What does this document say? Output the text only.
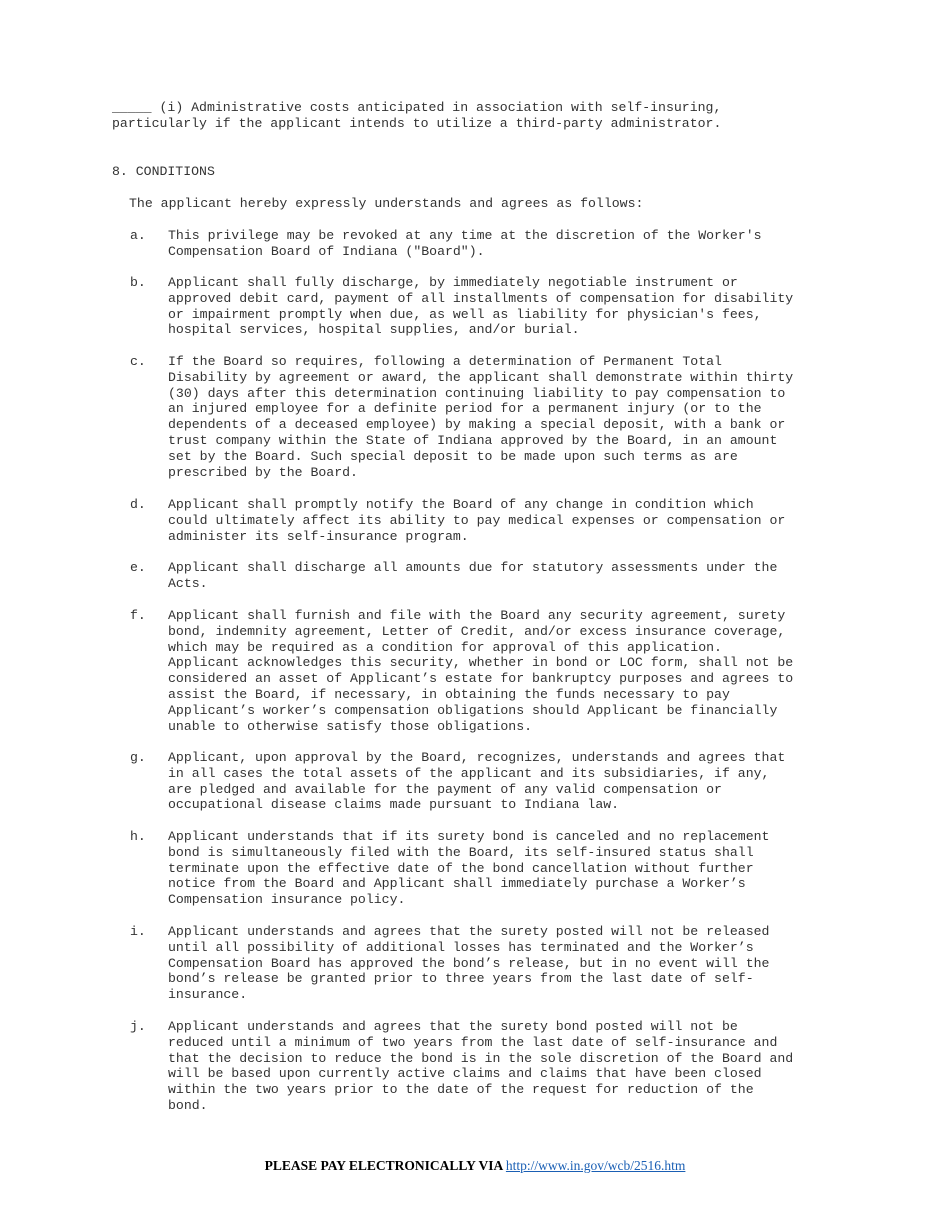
_____ (i) Administrative costs anticipated in association with self-insuring,
particularly if the applicant intends to utilize a third-party administrator.
8. CONDITIONS
The applicant hereby expressly understands and agrees as follows:
a. This privilege may be revoked at any time at the discretion of the Worker's
Compensation Board of Indiana ("Board").
b. Applicant shall fully discharge, by immediately negotiable instrument or
approved debit card, payment of all installments of compensation for disability
or impairment promptly when due, as well as liability for physician's fees,
hospital services, hospital supplies, and/or burial.
c. If the Board so requires, following a determination of Permanent Total
Disability by agreement or award, the applicant shall demonstrate within thirty
(30) days after this determination continuing liability to pay compensation to
an injured employee for a definite period for a permanent injury (or to the
dependents of a deceased employee) by making a special deposit, with a bank or
trust company within the State of Indiana approved by the Board, in an amount
set by the Board. Such special deposit to be made upon such terms as are
prescribed by the Board.
d. Applicant shall promptly notify the Board of any change in condition which
could ultimately affect its ability to pay medical expenses or compensation or
administer its self-insurance program.
e. Applicant shall discharge all amounts due for statutory assessments under the
Acts.
f. Applicant shall furnish and file with the Board any security agreement, surety
bond, indemnity agreement, Letter of Credit, and/or excess insurance coverage,
which may be required as a condition for approval of this application.
Applicant acknowledges this security, whether in bond or LOC form, shall not be
considered an asset of Applicant’s estate for bankruptcy purposes and agrees to
assist the Board, if necessary, in obtaining the funds necessary to pay
Applicant’s worker’s compensation obligations should Applicant be financially
unable to otherwise satisfy those obligations.
g. Applicant, upon approval by the Board, recognizes, understands and agrees that
in all cases the total assets of the applicant and its subsidiaries, if any,
are pledged and available for the payment of any valid compensation or
occupational disease claims made pursuant to Indiana law.
h. Applicant understands that if its surety bond is canceled and no replacement
bond is simultaneously filed with the Board, its self-insured status shall
terminate upon the effective date of the bond cancellation without further
notice from the Board and Applicant shall immediately purchase a Worker’s
Compensation insurance policy.
i. Applicant understands and agrees that the surety posted will not be released
until all possibility of additional losses has terminated and the Worker’s
Compensation Board has approved the bond’s release, but in no event will the
bond’s release be granted prior to three years from the last date of self-
insurance.
j. Applicant understands and agrees that the surety bond posted will not be
reduced until a minimum of two years from the last date of self-insurance and
that the decision to reduce the bond is in the sole discretion of the Board and
will be based upon currently active claims and claims that have been closed
within the two years prior to the date of the request for reduction of the
bond.
PLEASE PAY ELECTRONICALLY VIA http://www.in.gov/wcb/2516.htm
